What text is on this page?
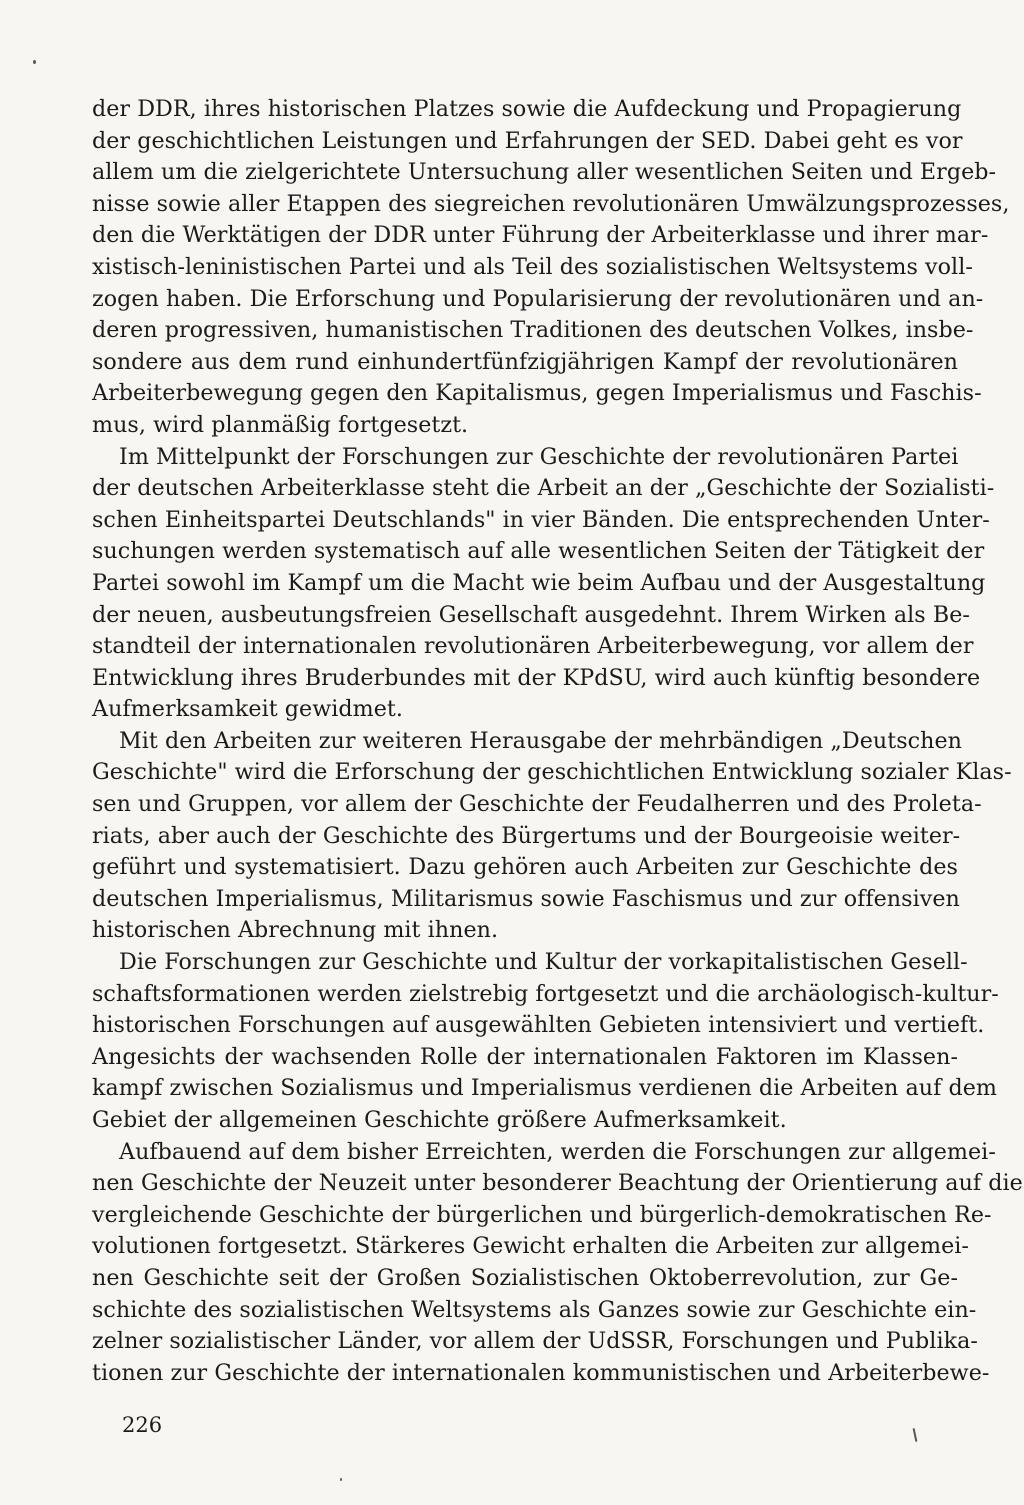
der DDR, ihres historischen Platzes sowie die Aufdeckung und Propagierung
der geschichtlichen Leistungen und Erfahrungen der SED. Dabei geht es vor
allem um die zielgerichtete Untersuchung aller wesentlichen Seiten und Ergeb-
nisse sowie aller Etappen des siegreichen revolutionären Umwälzungsprozesses,
den die Werktätigen der DDR unter Führung der Arbeiterklasse und ihrer mar-
xistisch-leninistischen Partei und als Teil des sozialistischen Weltsystems voll-
zogen haben. Die Erforschung und Popularisierung der revolutionären und an-
deren progressiven, humanistischen Traditionen des deutschen Volkes, insbe-
sondere aus dem rund einhundertfünfzigjährigen Kampf der revolutionären
Arbeiterbewegung gegen den Kapitalismus, gegen Imperialismus und Faschis-
mus, wird planmäßig fortgesetzt.
Im Mittelpunkt der Forschungen zur Geschichte der revolutionären Partei
der deutschen Arbeiterklasse steht die Arbeit an der „Geschichte der Sozialisti-
schen Einheitspartei Deutschlands" in vier Bänden. Die entsprechenden Unter-
suchungen werden systematisch auf alle wesentlichen Seiten der Tätigkeit der
Partei sowohl im Kampf um die Macht wie beim Aufbau und der Ausgestaltung
der neuen, ausbeutungsfreien Gesellschaft ausgedehnt. Ihrem Wirken als Be-
standteil der internationalen revolutionären Arbeiterbewegung, vor allem der
Entwicklung ihres Bruderbundes mit der KPdSU, wird auch künftig besondere
Aufmerksamkeit gewidmet.
Mit den Arbeiten zur weiteren Herausgabe der mehrbändigen „Deutschen
Geschichte" wird die Erforschung der geschichtlichen Entwicklung sozialer Klas-
sen und Gruppen, vor allem der Geschichte der Feudalherren und des Proleta-
riats, aber auch der Geschichte des Bürgertums und der Bourgeoisie weiter-
geführt und systematisiert. Dazu gehören auch Arbeiten zur Geschichte des
deutschen Imperialismus, Militarismus sowie Faschismus und zur offensiven
historischen Abrechnung mit ihnen.
Die Forschungen zur Geschichte und Kultur der vorkapitalistischen Gesell-
schaftsformationen werden zielstrebig fortgesetzt und die archäologisch-kultur-
historischen Forschungen auf ausgewählten Gebieten intensiviert und vertieft.
Angesichts der wachsenden Rolle der internationalen Faktoren im Klassen-
kampf zwischen Sozialismus und Imperialismus verdienen die Arbeiten auf dem
Gebiet der allgemeinen Geschichte größere Aufmerksamkeit.
Aufbauend auf dem bisher Erreichten, werden die Forschungen zur allgemei-
nen Geschichte der Neuzeit unter besonderer Beachtung der Orientierung auf die
vergleichende Geschichte der bürgerlichen und bürgerlich-demokratischen Re-
volutionen fortgesetzt. Stärkeres Gewicht erhalten die Arbeiten zur allgemei-
nen Geschichte seit der Großen Sozialistischen Oktoberrevolution, zur Ge-
schichte des sozialistischen Weltsystems als Ganzes sowie zur Geschichte ein-
zelner sozialistischer Länder, vor allem der UdSSR, Forschungen und Publika-
tionen zur Geschichte der internationalen kommunistischen und Arbeiterbewe-
226
